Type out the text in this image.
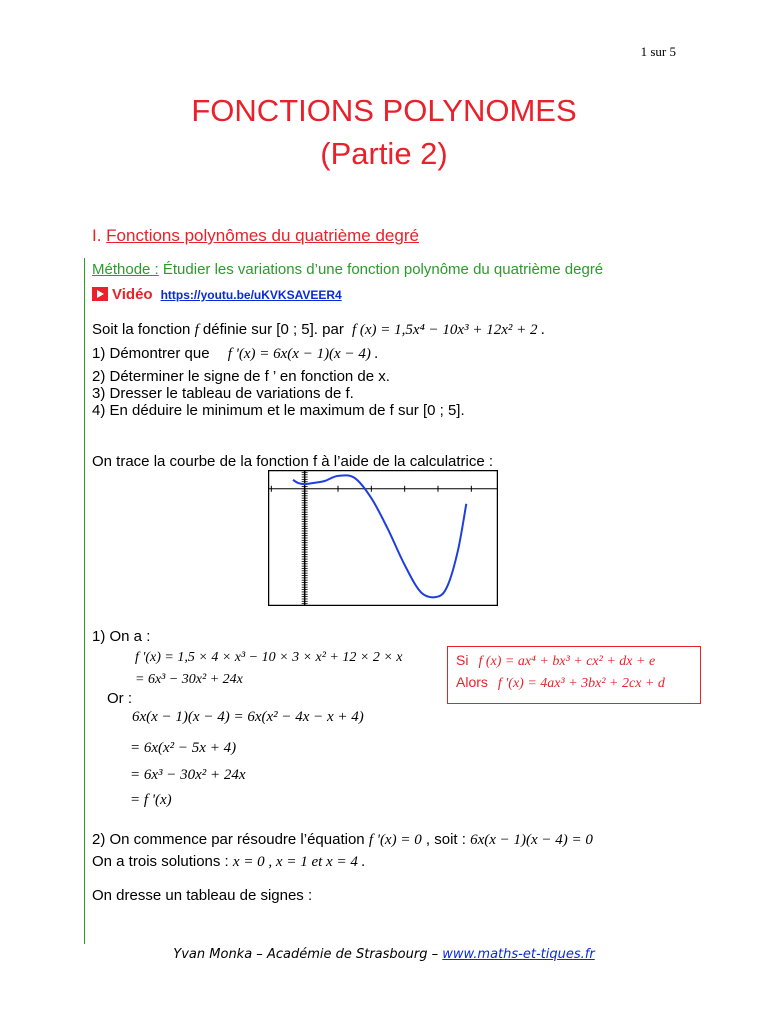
1 sur 5
FONCTIONS POLYNOMES
(Partie 2)
I. Fonctions polynômes du quatrième degré
Méthode : Étudier les variations d’une fonction polynôme du quatrième degré
Vidéo https://youtu.be/uKVKSAVEER4
Soit la fonction f définie sur [0 ; 5]. par f (x) = 1,5x⁴ − 10x³ + 12x² + 2 .
1) Démontrer que f '(x) = 6x(x − 1)(x − 4) .
2) Déterminer le signe de f ’ en fonction de x.
3) Dresser le tableau de variations de f.
4) En déduire le minimum et le maximum de f sur [0 ; 5].
On trace la courbe de la fonction f à l’aide de la calculatrice :
1) On a :
f '(x) = 1,5 × 4 × x³ − 10 × 3 × x² + 12 × 2 × x
= 6x³ − 30x² + 24x
Or :
6x(x − 1)(x − 4) = 6x(x² − 4x − x + 4)
= 6x(x² − 5x + 4)
= 6x³ − 30x² + 24x
= f '(x)
Si f (x) = ax⁴ + bx³ + cx² + dx + e
Alors f '(x) = 4ax³ + 3bx² + 2cx + d
2) On commence par résoudre l’équation f '(x) = 0 , soit : 6x(x − 1)(x − 4) = 0
On a trois solutions : x = 0 , x = 1 et x = 4 .
On dresse un tableau de signes :
Yvan Monka – Académie de Strasbourg – www.maths-et-tiques.fr
